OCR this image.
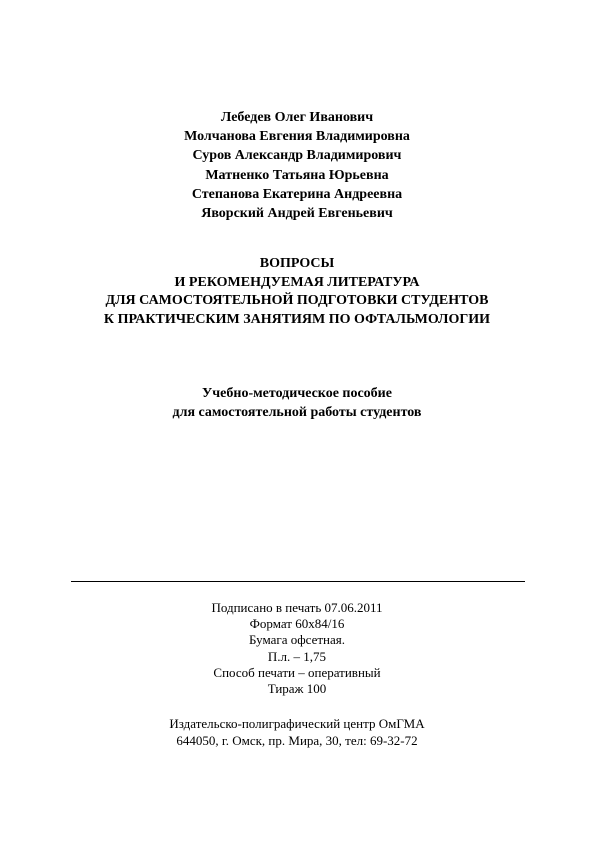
Лебедев Олег Иванович
Молчанова Евгения Владимировна
Суров Александр Владимирович
Матненко Татьяна Юрьевна
Степанова Екатерина Андреевна
Яворский Андрей Евгеньевич
ВОПРОСЫ
И РЕКОМЕНДУЕМАЯ ЛИТЕРАТУРА
ДЛЯ САМОСТОЯТЕЛЬНОЙ ПОДГОТОВКИ СТУДЕНТОВ
К ПРАКТИЧЕСКИМ ЗАНЯТИЯМ ПО ОФТАЛЬМОЛОГИИ
Учебно-методическое пособие
для самостоятельной работы студентов
Подписано в печать 07.06.2011
Формат 60х84/16
Бумага офсетная.
П.л. – 1,75
Способ печати – оперативный
Тираж 100
Издательско-полиграфический центр ОмГМА
644050, г. Омск, пр. Мира, 30, тел: 69-32-72
